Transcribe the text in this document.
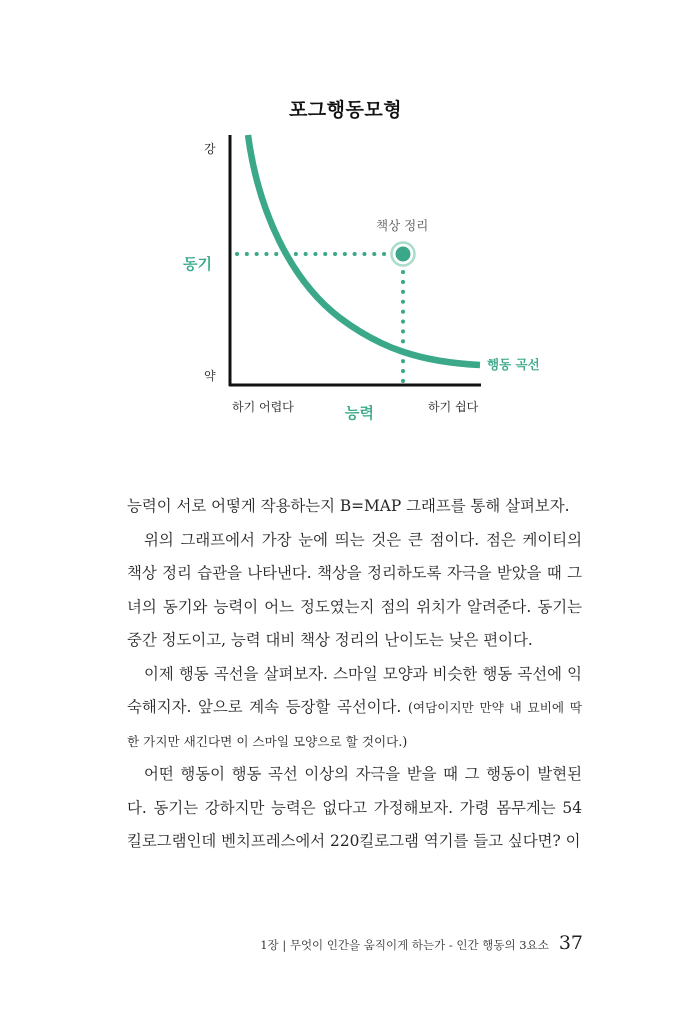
포그행동모형
강
약
동기
책상 정리
행동 곡선
하기 어렵다	능력	하기 쉽다

능력이 서로 어떻게 작용하는지 B=MAP 그래프를 통해 살펴보자.

위의 그래프에서 가장 눈에 띄는 것은 큰 점이다. 점은 케이티의 책상 정리 습관을 나타낸다. 책상을 정리하도록 자극을 받았을 때 그녀의 동기와 능력이 어느 정도였는지 점의 위치가 알려준다. 동기는 중간 정도이고, 능력 대비 책상 정리의 난이도는 낮은 편이다.

이제 행동 곡선을 살펴보자. 스마일 모양과 비슷한 행동 곡선에 익숙해지자. 앞으로 계속 등장할 곡선이다. (여담이지만 만약 내 묘비에 딱 한 가지만 새긴다면 이 스마일 모양으로 할 것이다.)

어떤 행동이 행동 곡선 이상의 자극을 받을 때 그 행동이 발현된다. 동기는 강하지만 능력은 없다고 가정해보자. 가령 몸무게는 54킬로그램인데 벤치프레스에서 220킬로그램 역기를 들고 싶다면? 이

1장 | 무엇이 인간을 움직이게 하는가 - 인간 행동의 3요소 37
